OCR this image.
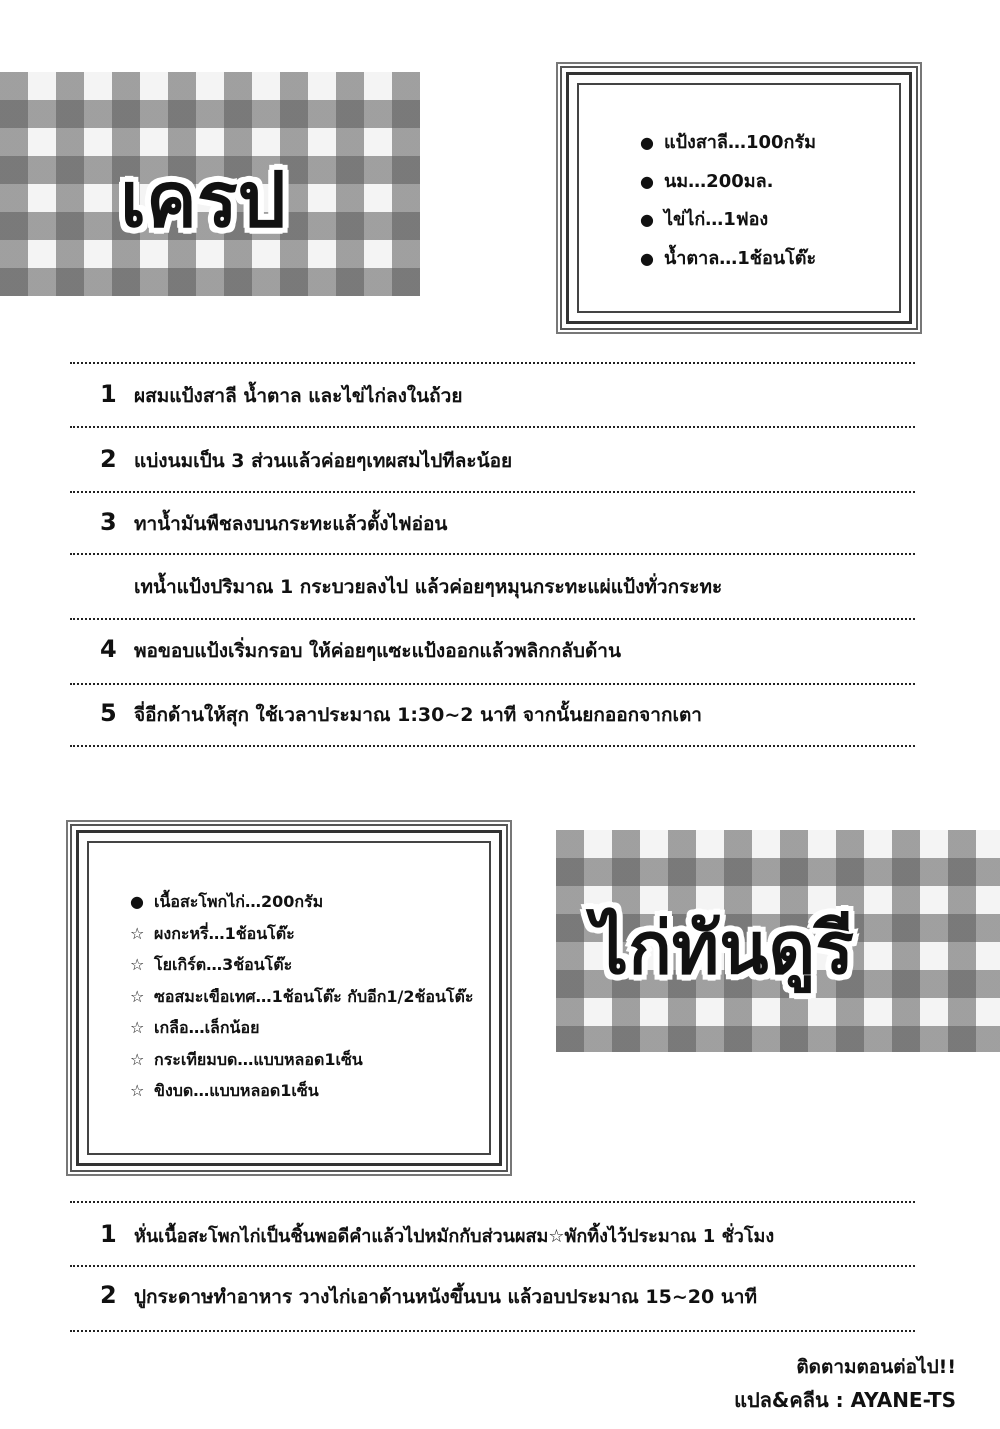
เครป
● แป้งสาลี…100กรัม
● นม…200มล.
● ไข่ไก่…1ฟอง
● น้ำตาล…1ช้อนโต๊ะ
1 ผสมแป้งสาลี น้ำตาล และไข่ไก่ลงในถ้วย
2 แบ่งนมเป็น 3 ส่วนแล้วค่อยๆเทผสมไปทีละน้อย
3 ทาน้ำมันพืชลงบนกระทะแล้วตั้งไฟอ่อน
เทน้ำแป้งปริมาณ 1 กระบวยลงไป แล้วค่อยๆหมุนกระทะแผ่แป้งทั่วกระทะ
4 พอขอบแป้งเริ่มกรอบ ให้ค่อยๆแซะแป้งออกแล้วพลิกกลับด้าน
5 จี่อีกด้านให้สุก ใช้เวลาประมาณ 1:30~2 นาที จากนั้นยกออกจากเตา
● เนื้อสะโพกไก่…200กรัม
☆ ผงกะหรี่…1ช้อนโต๊ะ
☆ โยเกิร์ต…3ช้อนโต๊ะ
☆ ซอสมะเขือเทศ…1ช้อนโต๊ะ กับอีก1/2ช้อนโต๊ะ
☆ เกลือ…เล็กน้อย
☆ กระเทียมบด…แบบหลอด1เซ็น
☆ ขิงบด…แบบหลอด1เซ็น
ไก่ทันดูรี
1 หั่นเนื้อสะโพกไก่เป็นชิ้นพอดีคำแล้วไปหมักกับส่วนผสม☆พักทิ้งไว้ประมาณ 1 ชั่วโมง
2 ปูกระดาษทำอาหาร วางไก่เอาด้านหนังขึ้นบน แล้วอบประมาณ 15~20 นาที
ติดตามตอนต่อไป!!
แปล&คลีน : AYANE-TS
